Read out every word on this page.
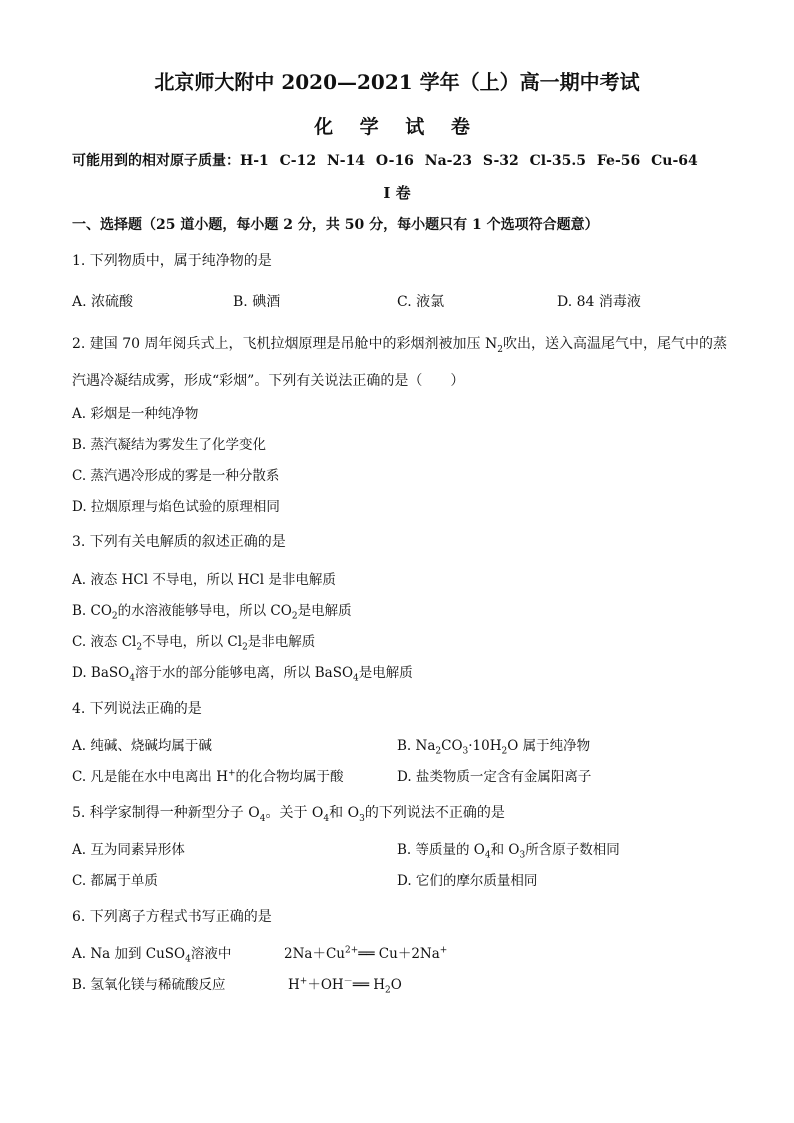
北京师大附中 2020—2021 学年（上）高一期中考试
化 学 试 卷
可能用到的相对原子质量：H-1 C-12 N-14 O-16 Na-23 S-32 Cl-35.5 Fe-56 Cu-64
I 卷
一、选择题（25 道小题，每小题 2 分，共 50 分，每小题只有 1 个选项符合题意）
1. 下列物质中，属于纯净物的是
A. 浓硫酸	B. 碘酒	C. 液氯	D. 84 消毒液
2. 建国 70 周年阅兵式上，飞机拉烟原理是吊舱中的彩烟剂被加压 $N_2$吹出，送入高温尾气中，尾气中的蒸
汽遇冷凝结成雾，形成“彩烟”。下列有关说法正确的是（　　）
A. 彩烟是一种纯净物
B. 蒸汽凝结为雾发生了化学变化
C. 蒸汽遇冷形成的雾是一种分散系
D. 拉烟原理与焰色试验的原理相同
3. 下列有关电解质的叙述正确的是
A. 液态 HCl 不导电，所以 HCl 是非电解质
B. $CO_2$的水溶液能够导电，所以 $CO_2$是电解质
C. 液态 $Cl_2$不导电，所以 $Cl_2$是非电解质
D. BaSO$_4$溶于水的部分能够电离，所以 BaSO$_4$是电解质
4. 下列说法正确的是
A. 纯碱、烧碱均属于碱	B. $Na_2CO_3\cdot 10H_2O$ 属于纯净物
C. 凡是能在水中电离出 H+的化合物均属于酸	D. 盐类物质一定含有金属阳离子
5. 科学家制得一种新型分子 $O_4$。关于 $O_4$和 $O_3$的下列说法不正确的是
A. 互为同素异形体	B. 等质量的 $O_4$和 $O_3$所含原子数相同
C. 都属于单质	D. 它们的摩尔质量相同
6. 下列离子方程式书写正确的是
A. Na 加到 CuSO$_4$溶液中	$2Na+Cu^{2+}══$ Cu＋2Na+
B. 氢氧化镁与稀硫酸反应	H+＋OH－══ $H_2O$
